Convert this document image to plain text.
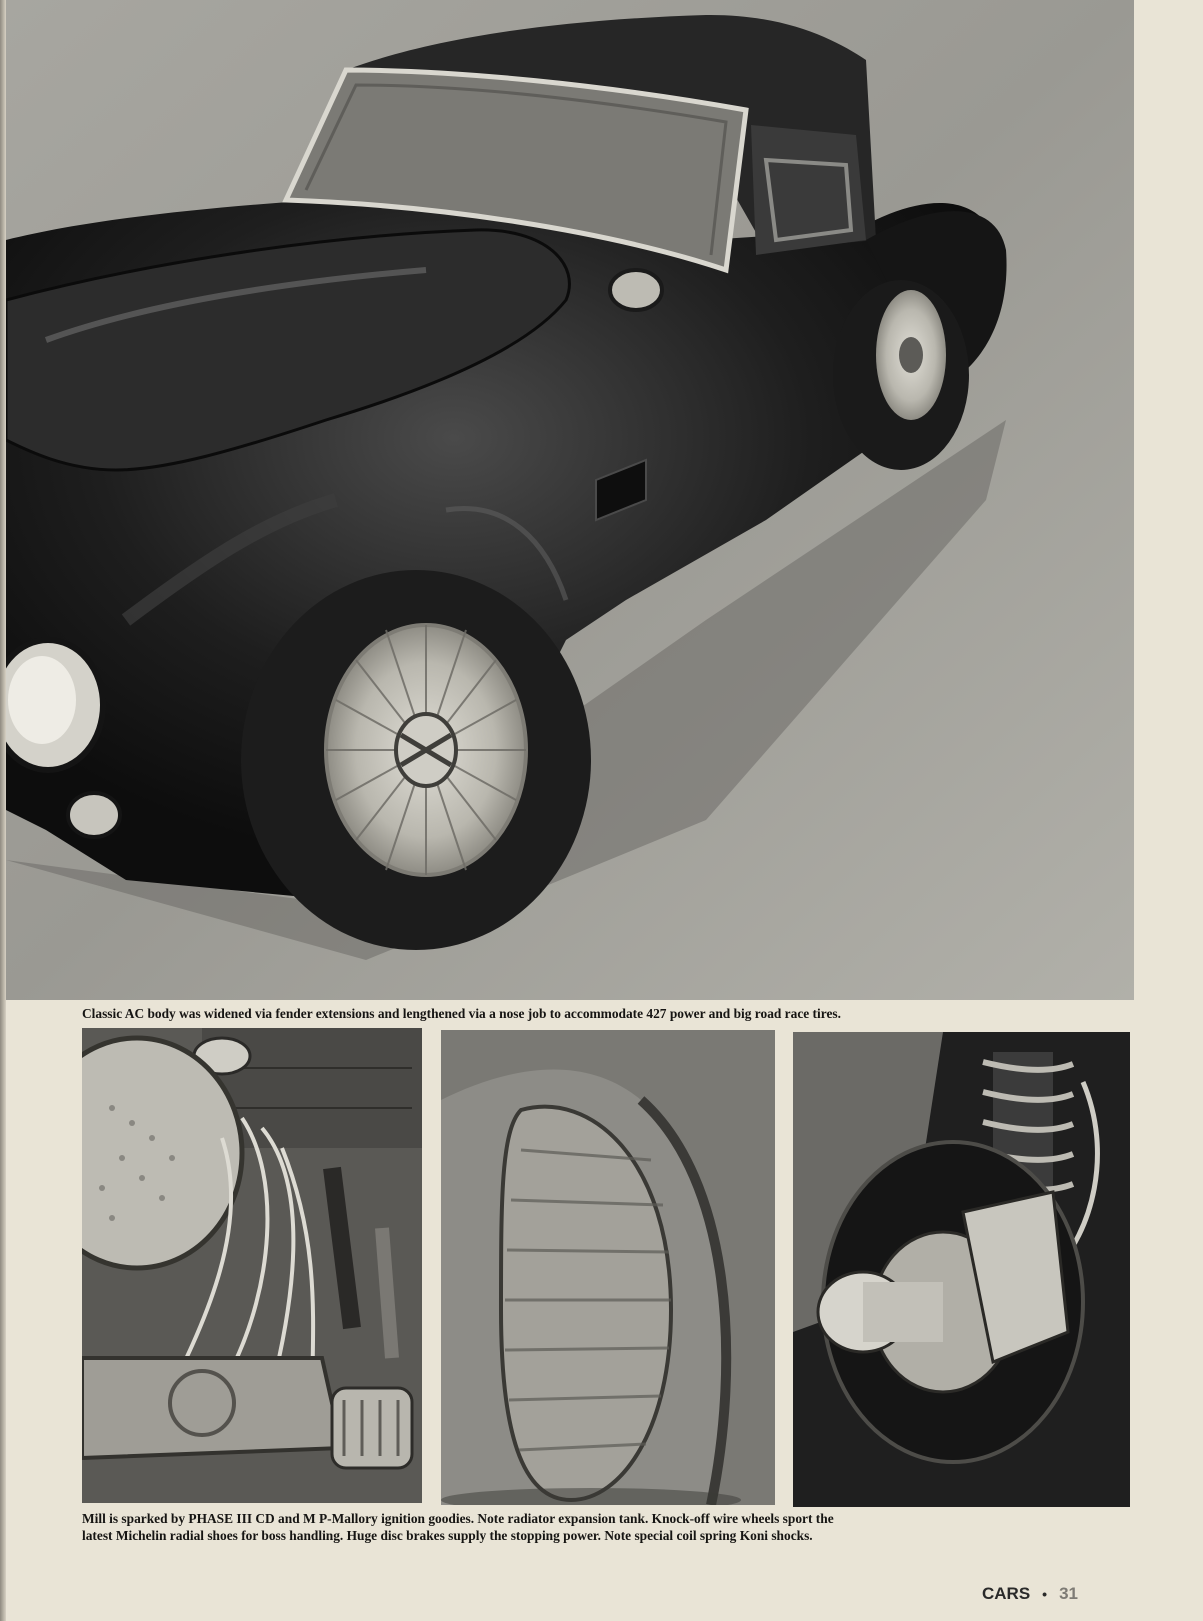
Classic AC body was widened via fender extensions and lengthened via a nose job to accommodate 427 power and big road race tires.

Mill is sparked by PHASE III CD and M P-Mallory ignition goodies. Note radiator expansion tank. Knock-off wire wheels sport the
latest Michelin radial shoes for boss handling. Huge disc brakes supply the stopping power. Note special coil spring Koni shocks.

CARS • 31
